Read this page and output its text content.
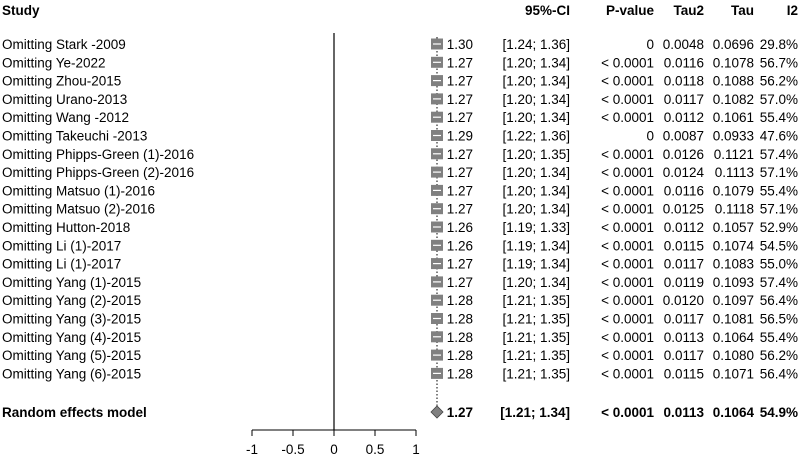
Study	95%-CI	P-value Tau2 Tau I2
Omitting Stark -2009	1.30 [1.24; 1.36]	0 0.0048 0.0696 29.8%
Omitting Ye-2022	1.27 [1.20; 1.34] < 0.0001 0.0116 0.1078 56.7%
Omitting Zhou-2015	1.27 [1.20; 1.34] < 0.0001 0.0118 0.1088 56.2%
Omitting Urano-2013	1.27 [1.20; 1.34] < 0.0001 0.0117 0.1082 57.0%
Omitting Wang -2012	1.27 [1.20; 1.34] < 0.0001 0.0112 0.1061 55.4%
Omitting Takeuchi -2013	1.29 [1.22; 1.36]	0 0.0087 0.0933 47.6%
Omitting Phipps-Green (1)-2016	1.27 [1.20; 1.35] < 0.0001 0.0126 0.1121 57.4%
Omitting Phipps-Green (2)-2016	1.27 [1.20; 1.34] < 0.0001 0.0124 0.1113 57.1%
Omitting Matsuo (1)-2016	1.27 [1.20; 1.34] < 0.0001 0.0116 0.1079 55.4%
Omitting Matsuo (2)-2016	1.27 [1.20; 1.34] < 0.0001 0.0125 0.1118 57.1%
Omitting Hutton-2018	1.26 [1.19; 1.33] < 0.0001 0.0112 0.1057 52.9%
Omitting Li (1)-2017	1.26 [1.19; 1.34] < 0.0001 0.0115 0.1074 54.5%
Omitting Li (1)-2017	1.27 [1.19; 1.34] < 0.0001 0.0117 0.1083 55.0%
Omitting Yang (1)-2015	1.27 [1.20; 1.34] < 0.0001 0.0119 0.1093 57.4%
Omitting Yang (2)-2015	1.28 [1.21; 1.35] < 0.0001 0.0120 0.1097 56.4%
Omitting Yang (3)-2015	1.28 [1.21; 1.35] < 0.0001 0.0117 0.1081 56.5%
Omitting Yang (4)-2015	1.28 [1.21; 1.35] < 0.0001 0.0113 0.1064 55.4%
Omitting Yang (5)-2015	1.28 [1.21; 1.35] < 0.0001 0.0117 0.1080 56.2%
Omitting Yang (6)-2015	1.28 [1.21; 1.35] < 0.0001 0.0115 0.1071 56.4%
Random effects model	1.27 [1.21; 1.34] < 0.0001 0.0113 0.1064 54.9%
-1 -0.5 0 0.5 1
